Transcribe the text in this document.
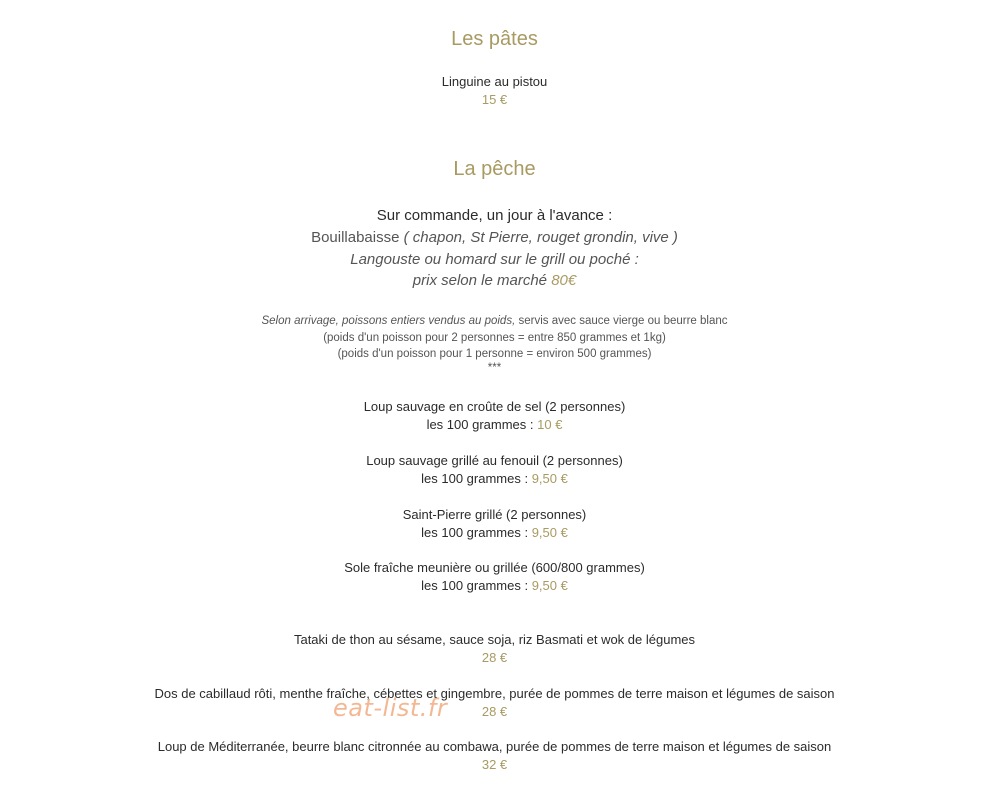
Les pâtes
Linguine au pistou
15 €
La pêche
Sur commande, un jour à l'avance :
Bouillabaisse ( chapon, St Pierre, rouget grondin, vive )
Langouste ou homard sur le grill ou poché :
prix selon le marché 80€
Selon arrivage, poissons entiers vendus au poids, servis avec sauce vierge ou beurre blanc
(poids d'un poisson pour 2 personnes = entre 850 grammes et 1kg)
(poids d'un poisson pour 1 personne = environ 500 grammes)
***
Loup sauvage en croûte de sel (2 personnes)
les 100 grammes : 10 €
Loup sauvage grillé au fenouil (2 personnes)
les 100 grammes : 9,50 €
Saint-Pierre grillé (2 personnes)
les 100 grammes : 9,50 €
Sole fraîche meunière ou grillée (600/800 grammes)
les 100 grammes : 9,50 €
Tataki de thon au sésame, sauce soja, riz Basmati et wok de légumes
28 €
Dos de cabillaud rôti, menthe fraîche, cébettes et gingembre, purée de pommes de terre maison et légumes de saison
28 €
Loup de Méditerranée, beurre blanc citronnée au combawa, purée de pommes de terre maison et légumes de saison
32 €
eat-list.fr
